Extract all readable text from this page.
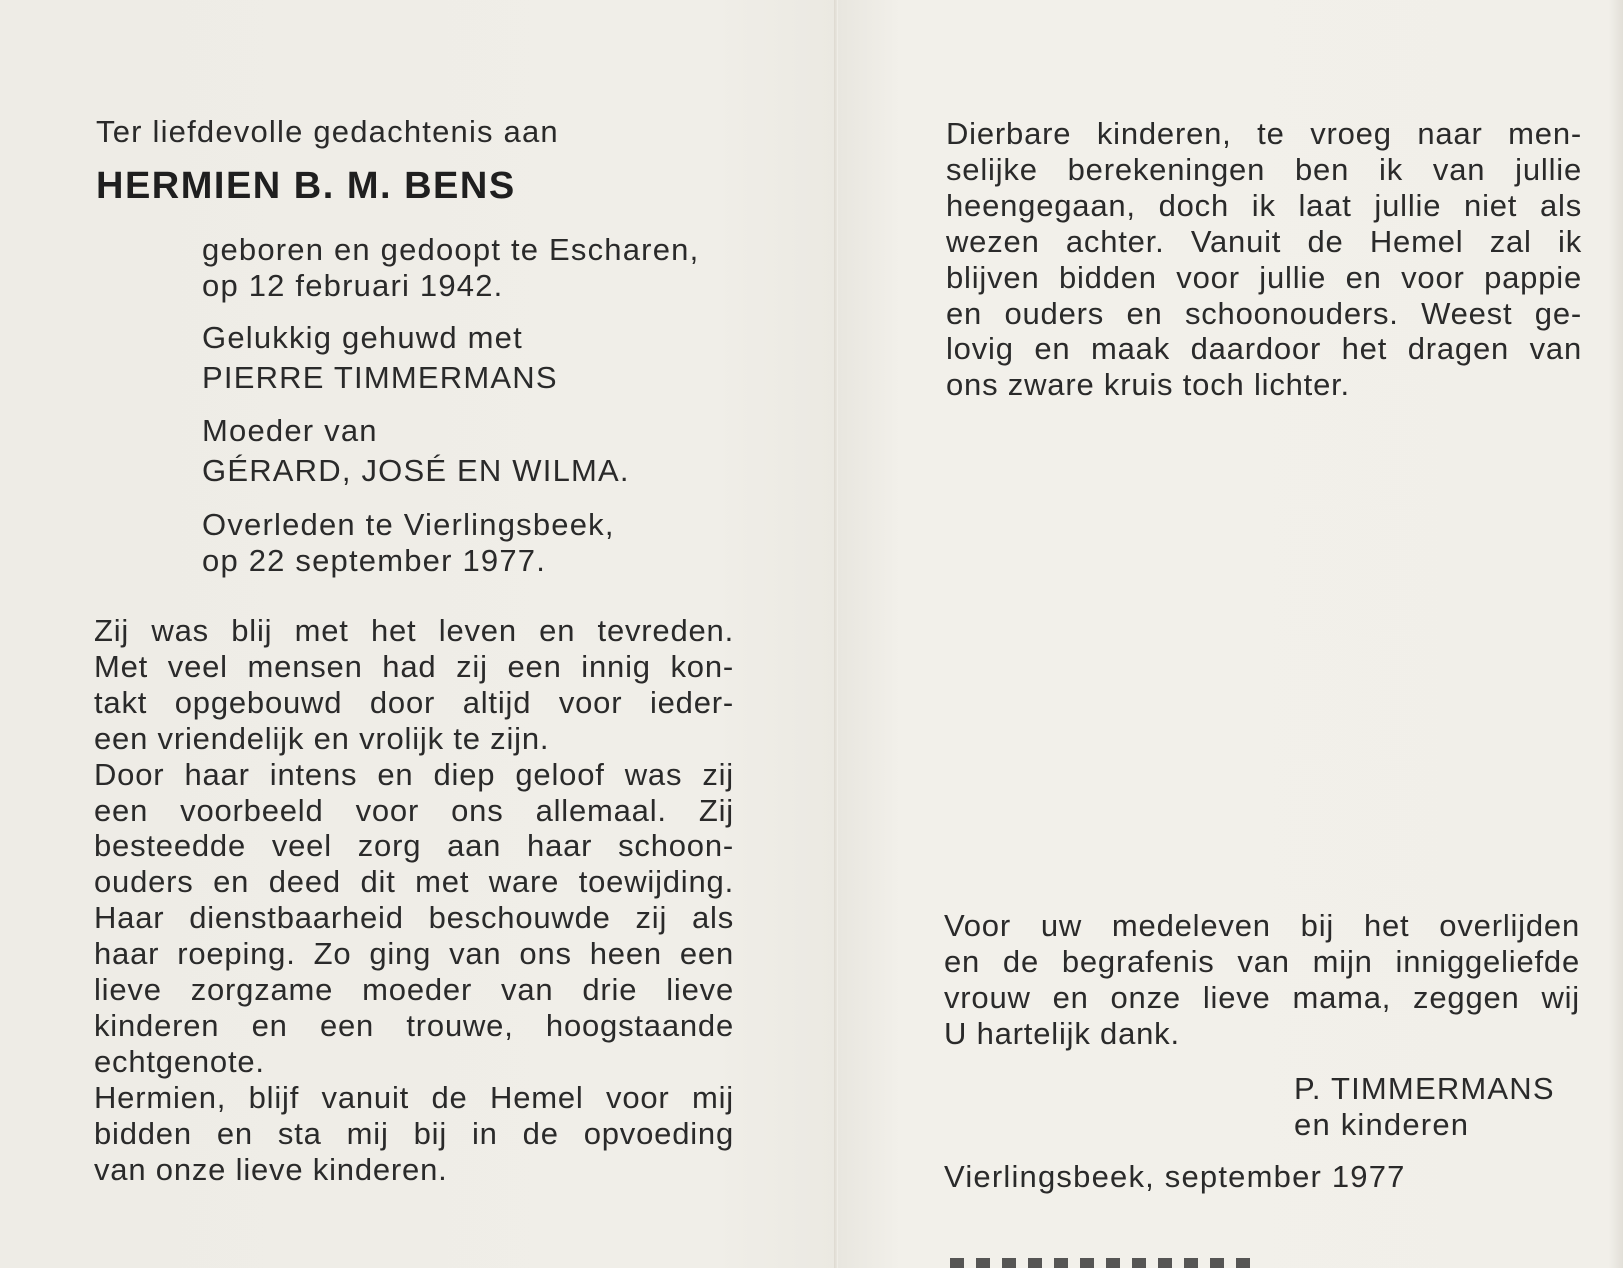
Ter liefdevolle gedachtenis aan

HERMIEN B. M. BENS

geboren en gedoopt te Escharen,

op 12 februari 1942.

Gelukkig gehuwd met

PIERRE TIMMERMANS

Moeder van

GÉRARD, JOSÉ EN WILMA.

Overleden te Vierlingsbeek,

op 22 september 1977.

Zij was blij met het leven en tevreden.
Met veel mensen had zij een innig kon-
takt opgebouwd door altijd voor ieder-
een vriendelijk en vrolijk te zijn.
Door haar intens en diep geloof was zij
een voorbeeld voor ons allemaal. Zij
besteedde veel zorg aan haar schoon-
ouders en deed dit met ware toewijding.
Haar dienstbaarheid beschouwde zij als
haar roeping. Zo ging van ons heen een
lieve zorgzame moeder van drie lieve
kinderen en een trouwe, hoogstaande
echtgenote.
Hermien, blijf vanuit de Hemel voor mij
bidden en sta mij bij in de opvoeding
van onze lieve kinderen.
Dierbare kinderen, te vroeg naar men-
selijke berekeningen ben ik van jullie
heengegaan, doch ik laat jullie niet als
wezen achter. Vanuit de Hemel zal ik
blijven bidden voor jullie en voor pappie
en ouders en schoonouders. Weest ge-
lovig en maak daardoor het dragen van
ons zware kruis toch lichter.
Voor uw medeleven bij het overlijden
en de begrafenis van mijn inniggeliefde
vrouw en onze lieve mama, zeggen wij
U hartelijk dank.

P. TIMMERMANS

en kinderen

Vierlingsbeek, september 1977
